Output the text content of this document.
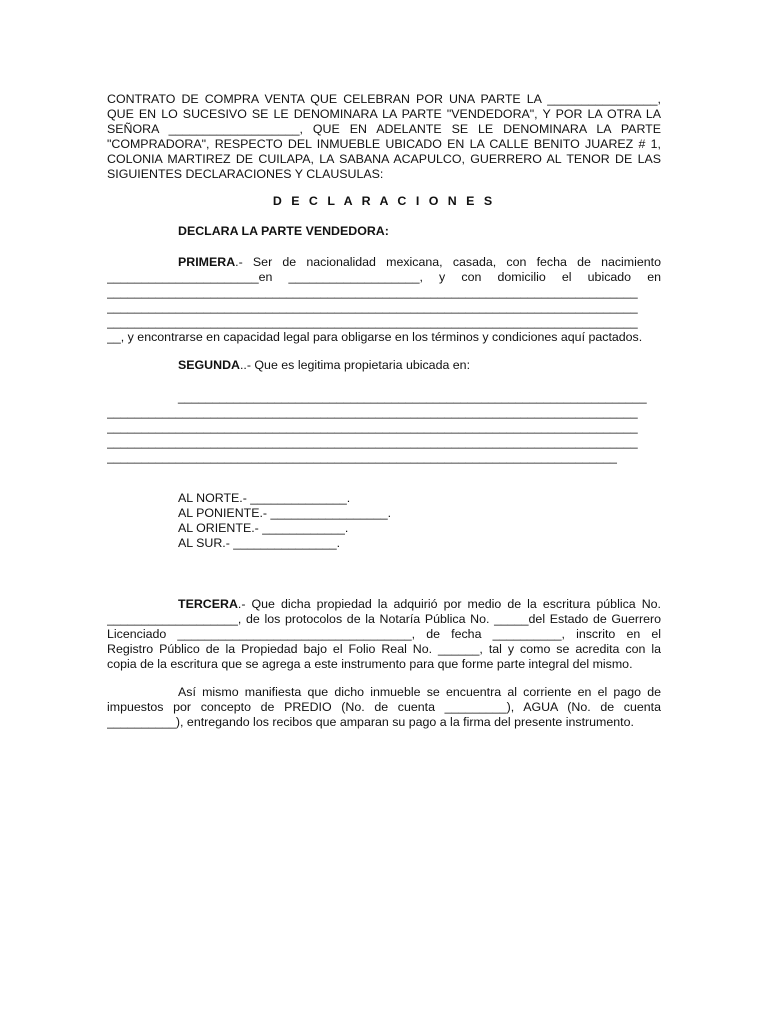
CONTRATO DE COMPRA VENTA QUE CELEBRAN POR UNA PARTE LA ________________,
QUE EN LO SUCESIVO SE LE DENOMINARA LA PARTE "VENDEDORA", Y POR LA OTRA LA
SEÑORA ___________________, QUE EN ADELANTE SE LE DENOMINARA LA PARTE
"COMPRADORA", RESPECTO DEL INMUEBLE UBICADO EN LA CALLE BENITO JUAREZ # 1,
COLONIA MARTIREZ DE CUILAPA, LA SABANA ACAPULCO, GUERRERO AL TENOR DE LAS
SIGUIENTES DECLARACIONES Y CLAUSULAS:
D E C L A R A C I O N E S
DECLARA LA PARTE VENDEDORA:
PRIMERA.- Ser de nacionalidad mexicana, casada, con fecha de nacimiento
______________________en ___________________, y con domicilio el ubicado en
_____________________________________________________________________________
_____________________________________________________________________________
_____________________________________________________________________________
__, y encontrarse en capacidad legal para obligarse en los términos y condiciones aquí pactados.
SEGUNDA..- Que es legitima propietaria ubicada en:
____________________________________________________________________
_____________________________________________________________________________
_____________________________________________________________________________
_____________________________________________________________________________
__________________________________________________________________________
AL NORTE.- ______________.
AL PONIENTE.- _________________.
AL ORIENTE.- ____________.
AL SUR.- _______________.
TERCERA.- Que dicha propiedad la adquirió por medio de la escritura pública No.
___________________, de los protocolos de la Notaría Pública No. _____del Estado de Guerrero
Licenciado __________________________________, de fecha __________, inscrito en el
Registro Público de la Propiedad bajo el Folio Real No. ______, tal y como se acredita con la
copia de la escritura que se agrega a este instrumento para que forme parte integral del mismo.
Así mismo manifiesta que dicho inmueble se encuentra al corriente en el pago de
impuestos por concepto de PREDIO (No. de cuenta _________), AGUA (No. de cuenta
__________), entregando los recibos que amparan su pago a la firma del presente instrumento.
